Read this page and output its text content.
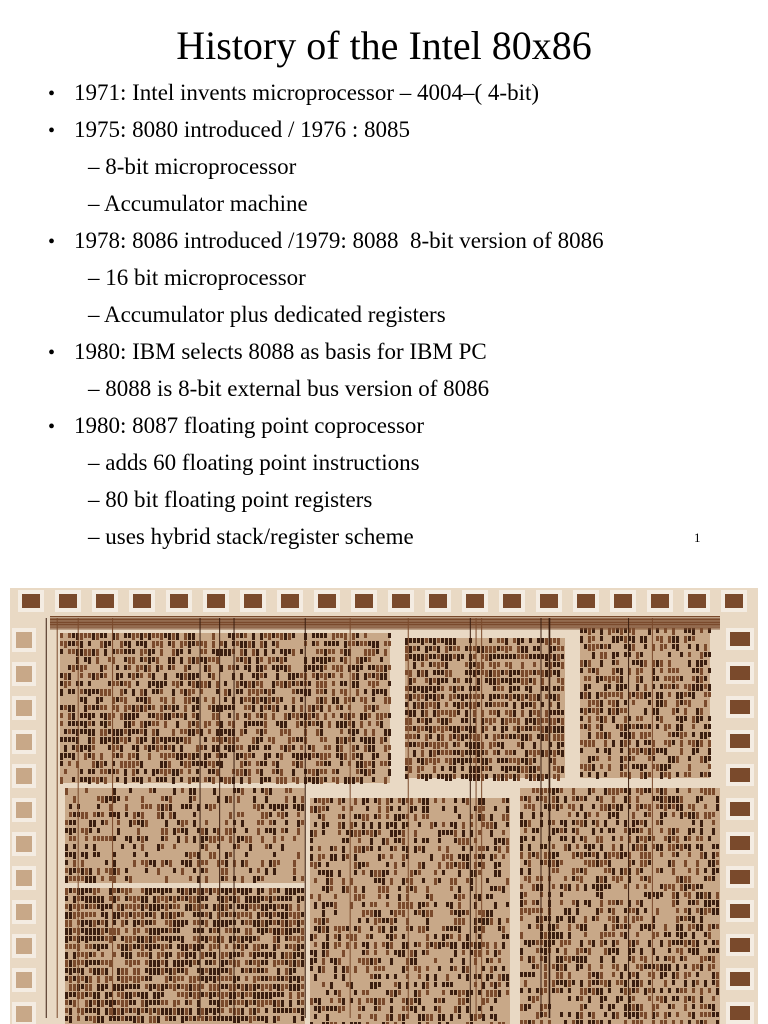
History of the Intel 80x86
• 1971: Intel invents microprocessor – 4004–( 4-bit)
• 1975: 8080 introduced / 1976 : 8085
– 8-bit microprocessor
– Accumulator machine
• 1978: 8086 introduced /1979: 8088  8-bit version of 8086
– 16 bit microprocessor
– Accumulator plus dedicated registers
• 1980: IBM selects 8088 as basis for IBM PC
– 8088 is 8-bit external bus version of 8086
• 1980: 8087 floating point coprocessor
– adds 60 floating point instructions
– 80 bit floating point registers
– uses hybrid stack/register scheme	1
